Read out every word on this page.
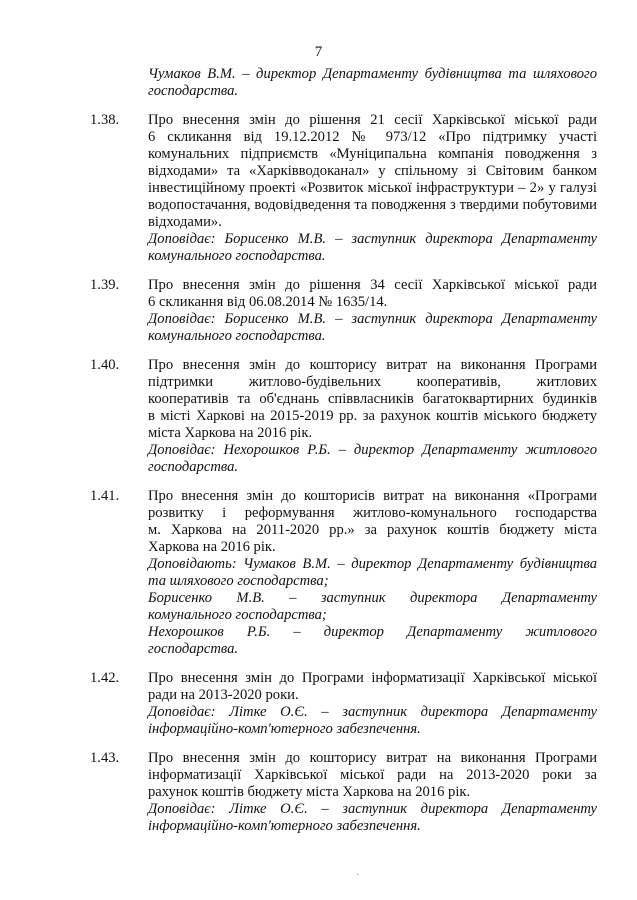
7
Чумаков В.М. – директор Департаменту будівництва та шляхового
господарства.
1.38. Про внесення змін до рішення 21 сесії Харківської міської ради
6 скликання від 19.12.2012 № 973/12 «Про підтримку участі
комунальних підприємств «Муніципальна компанія поводження з
відходами» та «Харківводоканал» у спільному зі Світовим банком
інвестиційному проекті «Розвиток міської інфраструктури – 2» у галузі
водопостачання, водовідведення та поводження з твердими побутовими
відходами».
Доповідає: Борисенко М.В. – заступник директора Департаменту
комунального господарства.
1.39. Про внесення змін до рішення 34 сесії Харківської міської ради
6 скликання від 06.08.2014 № 1635/14.
Доповідає: Борисенко М.В. – заступник директора Департаменту
комунального господарства.
1.40. Про внесення змін до кошторису витрат на виконання Програми
підтримки житлово-будівельних кооперативів, житлових
кооперативів та об'єднань співвласників багатоквартирних будинків
в місті Харкові на 2015-2019 рр. за рахунок коштів міського бюджету
міста Харкова на 2016 рік.
Доповідає: Нехорошков Р.Б. – директор Департаменту житлового
господарства.
1.41. Про внесення змін до кошторисів витрат на виконання «Програми
розвитку і реформування житлово-комунального господарства
м. Харкова на 2011-2020 рр.» за рахунок коштів бюджету міста
Харкова на 2016 рік.
Доповідають: Чумаков В.М. – директор Департаменту будівництва
та шляхового господарства;
Борисенко М.В. – заступник директора Департаменту
комунального господарства;
Нехорошков Р.Б. – директор Департаменту житлового
господарства.
1.42. Про внесення змін до Програми інформатизації Харківської міської
ради на 2013-2020 роки.
Доповідає: Літке О.Є. – заступник директора Департаменту
інформаційно-комп'ютерного забезпечення.
1.43. Про внесення змін до кошторису витрат на виконання Програми
інформатизації Харківської міської ради на 2013-2020 роки за
рахунок коштів бюджету міста Харкова на 2016 рік.
Доповідає: Літке О.Є. – заступник директора Департаменту
інформаційно-комп'ютерного забезпечення.
·
